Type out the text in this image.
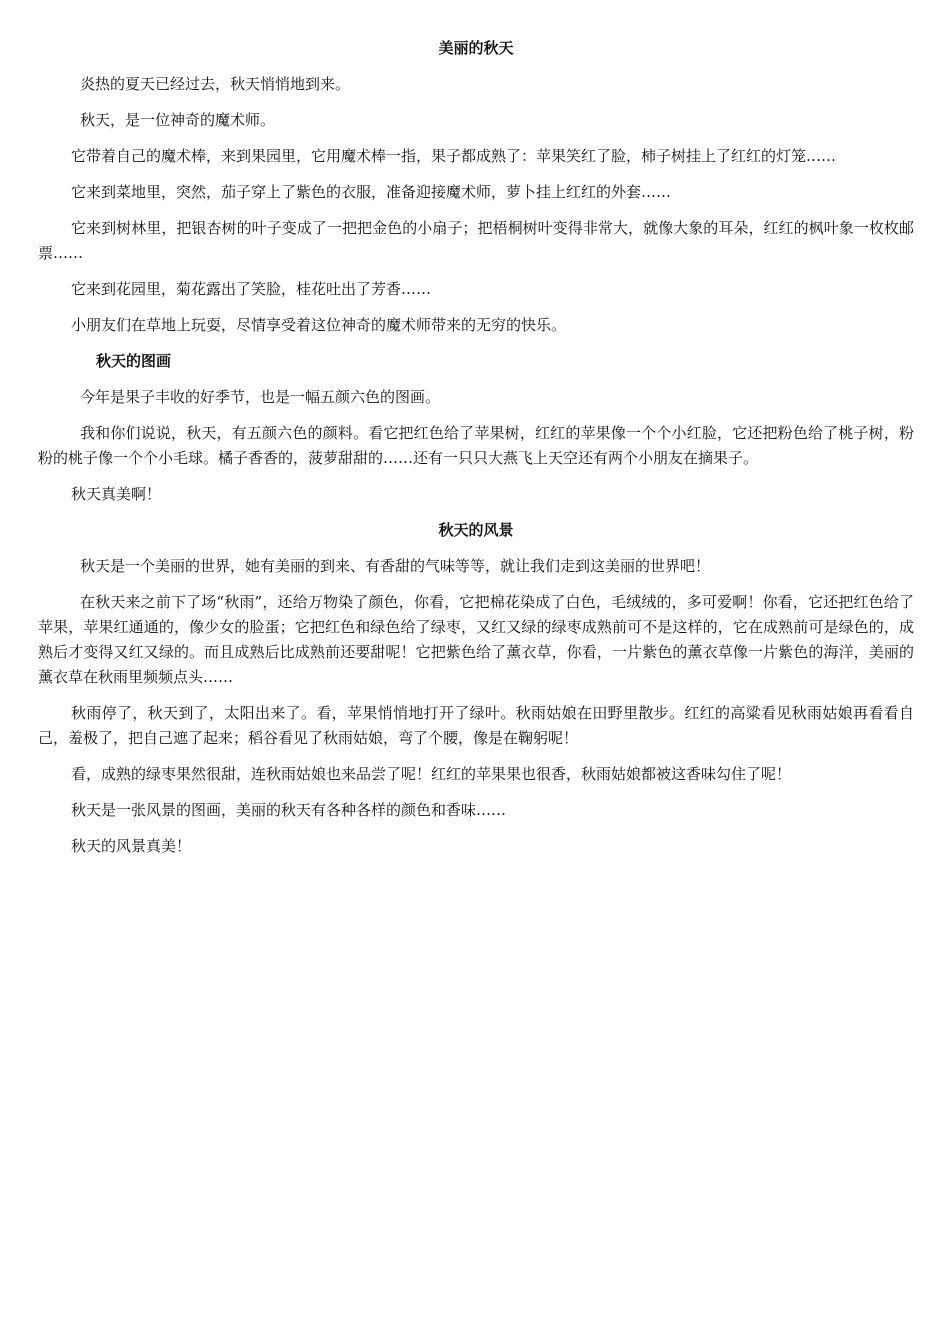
美丽的秋天

炎热的夏天已经过去，秋天悄悄地到来。

秋天，是一位神奇的魔术师。

它带着自己的魔术棒，来到果园里，它用魔术棒一指，果子都成熟了：苹果笑红了脸，柿子树挂上了红红的灯笼……

它来到菜地里，突然，茄子穿上了紫色的衣服，准备迎接魔术师，萝卜挂上红红的外套……

它来到树林里，把银杏树的叶子变成了一把把金色的小扇子；把梧桐树叶变得非常大，就像大象的耳朵，红红的枫叶象一枚枚邮票……

它来到花园里，菊花露出了笑脸，桂花吐出了芳香……

小朋友们在草地上玩耍，尽情享受着这位神奇的魔术师带来的无穷的快乐。

秋天的图画

今年是果子丰收的好季节，也是一幅五颜六色的图画。

我和你们说说，秋天，有五颜六色的颜料。看它把红色给了苹果树，红红的苹果像一个个小红脸，它还把粉色给了桃子树，粉粉的桃子像一个个小毛球。橘子香香的，菠萝甜甜的……还有一只只大燕飞上天空还有两个小朋友在摘果子。

秋天真美啊！

秋天的风景

秋天是一个美丽的世界，她有美丽的到来、有香甜的气味等等，就让我们走到这美丽的世界吧！

在秋天来之前下了场“秋雨”，还给万物染了颜色，你看，它把棉花染成了白色，毛绒绒的，多可爱啊！你看，它还把红色给了苹果，苹果红通通的，像少女的脸蛋；它把红色和绿色给了绿枣，又红又绿的绿枣成熟前可不是这样的，它在成熟前可是绿色的，成熟后才变得又红又绿的。而且成熟后比成熟前还要甜呢！它把紫色给了薰衣草，你看，一片紫色的薰衣草像一片紫色的海洋，美丽的薰衣草在秋雨里频频点头……

秋雨停了，秋天到了，太阳出来了。看，苹果悄悄地打开了绿叶。秋雨姑娘在田野里散步。红红的高粱看见秋雨姑娘再看看自己，羞极了，把自己遮了起来；稻谷看见了秋雨姑娘，弯了个腰，像是在鞠躬呢！

看，成熟的绿枣果然很甜，连秋雨姑娘也来品尝了呢！红红的苹果果也很香，秋雨姑娘都被这香味勾住了呢！

秋天是一张风景的图画，美丽的秋天有各种各样的颜色和香味……

秋天的风景真美！
